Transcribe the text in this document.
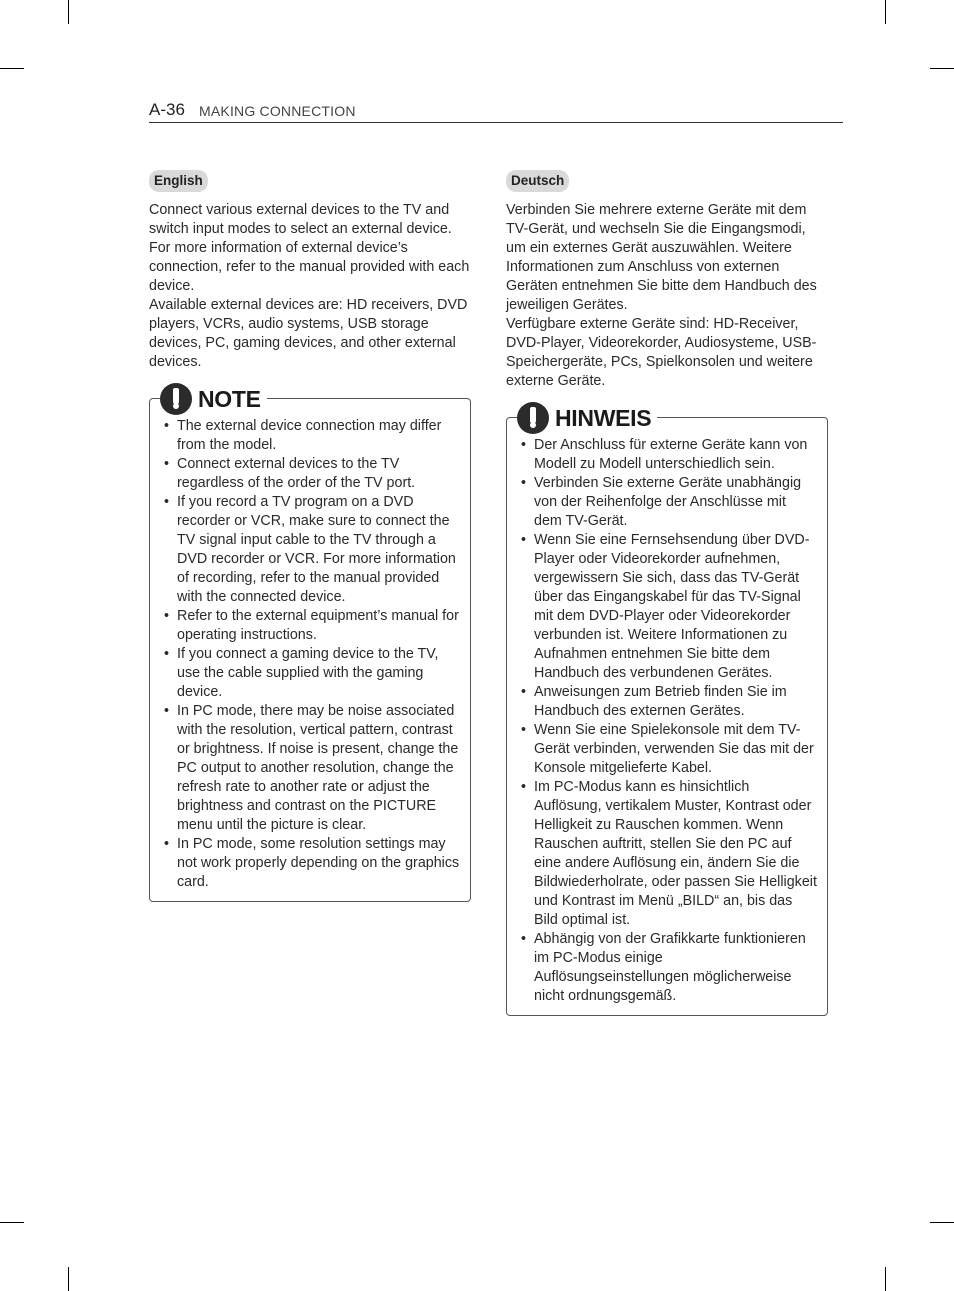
A-36 MAKING CONNECTION
English

Connect various external devices to the TV and switch input modes to select an external device. For more information of external device’s connection, refer to the manual provided with each device.

Available external devices are: HD receivers, DVD players, VCRs, audio systems, USB storage devices, PC, gaming devices, and other external devices.

NOTE
• The external device connection may differ from the model.
• Connect external devices to the TV regardless of the order of the TV port.
• If you record a TV program on a DVD recorder or VCR, make sure to connect the TV signal input cable to the TV through a DVD recorder or VCR. For more information of recording, refer to the manual provided with the connected device.
• Refer to the external equipment’s manual for operating instructions.
• If you connect a gaming device to the TV, use the cable supplied with the gaming device.
• In PC mode, there may be noise associated with the resolution, vertical pattern, contrast or brightness. If noise is present, change the PC output to another resolution, change the refresh rate to another rate or adjust the brightness and contrast on the PICTURE menu until the picture is clear.
• In PC mode, some resolution settings may not work properly depending on the graphics card.
Deutsch

Verbinden Sie mehrere externe Geräte mit dem TV-Gerät, und wechseln Sie die Eingangsmodi, um ein externes Gerät auszuwählen. Weitere Informationen zum Anschluss von externen Geräten entnehmen Sie bitte dem Handbuch des jeweiligen Gerätes.

Verfügbare externe Geräte sind: HD-Receiver, DVD-Player, Videorekorder, Audiosysteme, USB-Speichergeräte, PCs, Spielkonsolen und weitere externe Geräte.

HINWEIS
• Der Anschluss für externe Geräte kann von Modell zu Modell unterschiedlich sein.
• Verbinden Sie externe Geräte unabhängig von der Reihenfolge der Anschlüsse mit dem TV-Gerät.
• Wenn Sie eine Fernsehsendung über DVD-Player oder Videorekorder aufnehmen, vergewissern Sie sich, dass das TV-Gerät über das Eingangskabel für das TV-Signal mit dem DVD-Player oder Videorekorder verbunden ist. Weitere Informationen zu Aufnahmen entnehmen Sie bitte dem Handbuch des verbundenen Gerätes.
• Anweisungen zum Betrieb finden Sie im Handbuch des externen Gerätes.
• Wenn Sie eine Spielekonsole mit dem TV-Gerät verbinden, verwenden Sie das mit der Konsole mitgelieferte Kabel.
• Im PC-Modus kann es hinsichtlich Auflösung, vertikalem Muster, Kontrast oder Helligkeit zu Rauschen kommen. Wenn Rauschen auftritt, stellen Sie den PC auf eine andere Auflösung ein, ändern Sie die Bildwiederholrate, oder passen Sie Helligkeit und Kontrast im Menü „BILD“ an, bis das Bild optimal ist.
• Abhängig von der Grafikkarte funktionieren im PC-Modus einige Auflösungseinstellungen möglicherweise nicht ordnungsgemäß.
